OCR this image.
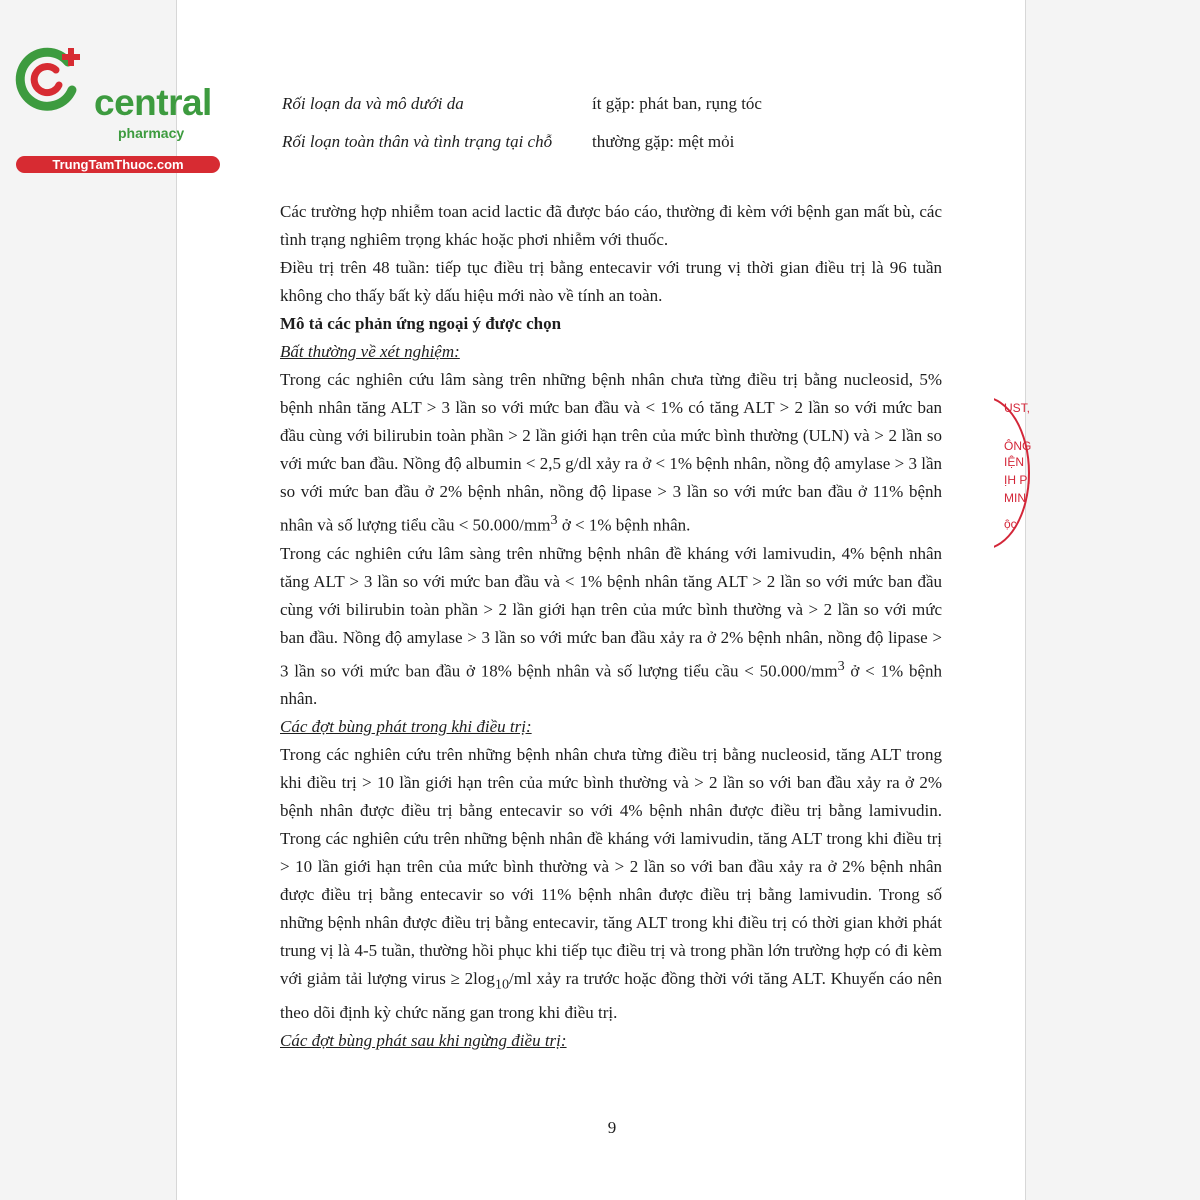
central

pharmacy
TrungTamThuoc.com
Rối loạn da và mô dưới da	ít gặp: phát ban, rụng tóc
Rối loạn toàn thân và tình trạng tại chỗ thường gặp: mệt mỏi

Các trường hợp nhiễm toan acid lactic đã được báo cáo, thường đi kèm với bệnh gan mất bù, các tình trạng nghiêm trọng khác hoặc phơi nhiễm với thuốc.

Điều trị trên 48 tuần: tiếp tục điều trị bằng entecavir với trung vị thời gian điều trị là 96 tuần không cho thấy bất kỳ dấu hiệu mới nào về tính an toàn.

Mô tả các phản ứng ngoại ý được chọn

Bất thường về xét nghiệm:

Trong các nghiên cứu lâm sàng trên những bệnh nhân chưa từng điều trị bằng nucleosid, 5% bệnh nhân tăng ALT > 3 lần so với mức ban đầu và < 1% có tăng ALT > 2 lần so với mức ban đầu cùng với bilirubin toàn phần > 2 lần giới hạn trên của mức bình thường (ULN) và > 2 lần so với mức ban đầu. Nồng độ albumin < 2,5 g/dl xảy ra ở < 1% bệnh nhân, nồng độ amylase > 3 lần so với mức ban đầu ở 2% bệnh nhân, nồng độ lipase > 3 lần so với mức ban đầu ở 11% bệnh nhân và số lượng tiểu cầu < $50.000/mm^3$ ở < 1% bệnh nhân.

Trong các nghiên cứu lâm sàng trên những bệnh nhân đề kháng với lamivudin, 4% bệnh nhân tăng ALT > 3 lần so với mức ban đầu và < 1% bệnh nhân tăng ALT > 2 lần so với mức ban đầu cùng với bilirubin toàn phần > 2 lần giới hạn trên của mức bình thường và > 2 lần so với mức ban đầu. Nồng độ amylase > 3 lần so với mức ban đầu xảy ra ở 2% bệnh nhân, nồng độ lipase > 3 lần so với mức ban đầu ở 18% bệnh nhân và số lượng tiểu cầu < $50.000/mm^3$ ở < 1% bệnh nhân.

Các đợt bùng phát trong khi điều trị:

Trong các nghiên cứu trên những bệnh nhân chưa từng điều trị bằng nucleosid, tăng ALT trong khi điều trị > 10 lần giới hạn trên của mức bình thường và > 2 lần so với ban đầu xảy ra ở 2% bệnh nhân được điều trị bằng entecavir so với 4% bệnh nhân được điều trị bằng lamivudin. Trong các nghiên cứu trên những bệnh nhân đề kháng với lamivudin, tăng ALT trong khi điều trị > 10 lần giới hạn trên của mức bình thường và > 2 lần so với ban đầu xảy ra ở 2% bệnh nhân được điều trị bằng entecavir so với 11% bệnh nhân được điều trị bằng lamivudin. Trong số những bệnh nhân được điều trị bằng entecavir, tăng ALT trong khi điều trị có thời gian khởi phát trung vị là 4-5 tuần, thường hồi phục khi tiếp tục điều trị và trong phần lớn trường hợp có đi kèm với giảm tải lượng virus ≥ $2\log_{10}/ml$ xảy ra trước hoặc đồng thời với tăng ALT. Khuyến cáo nên theo dõi định kỳ chức năng gan trong khi điều trị.

Các đợt bùng phát sau khi ngừng điều trị:

9
UST,
ÔNG
IỆN
ỊH PI
MIN
ộc
